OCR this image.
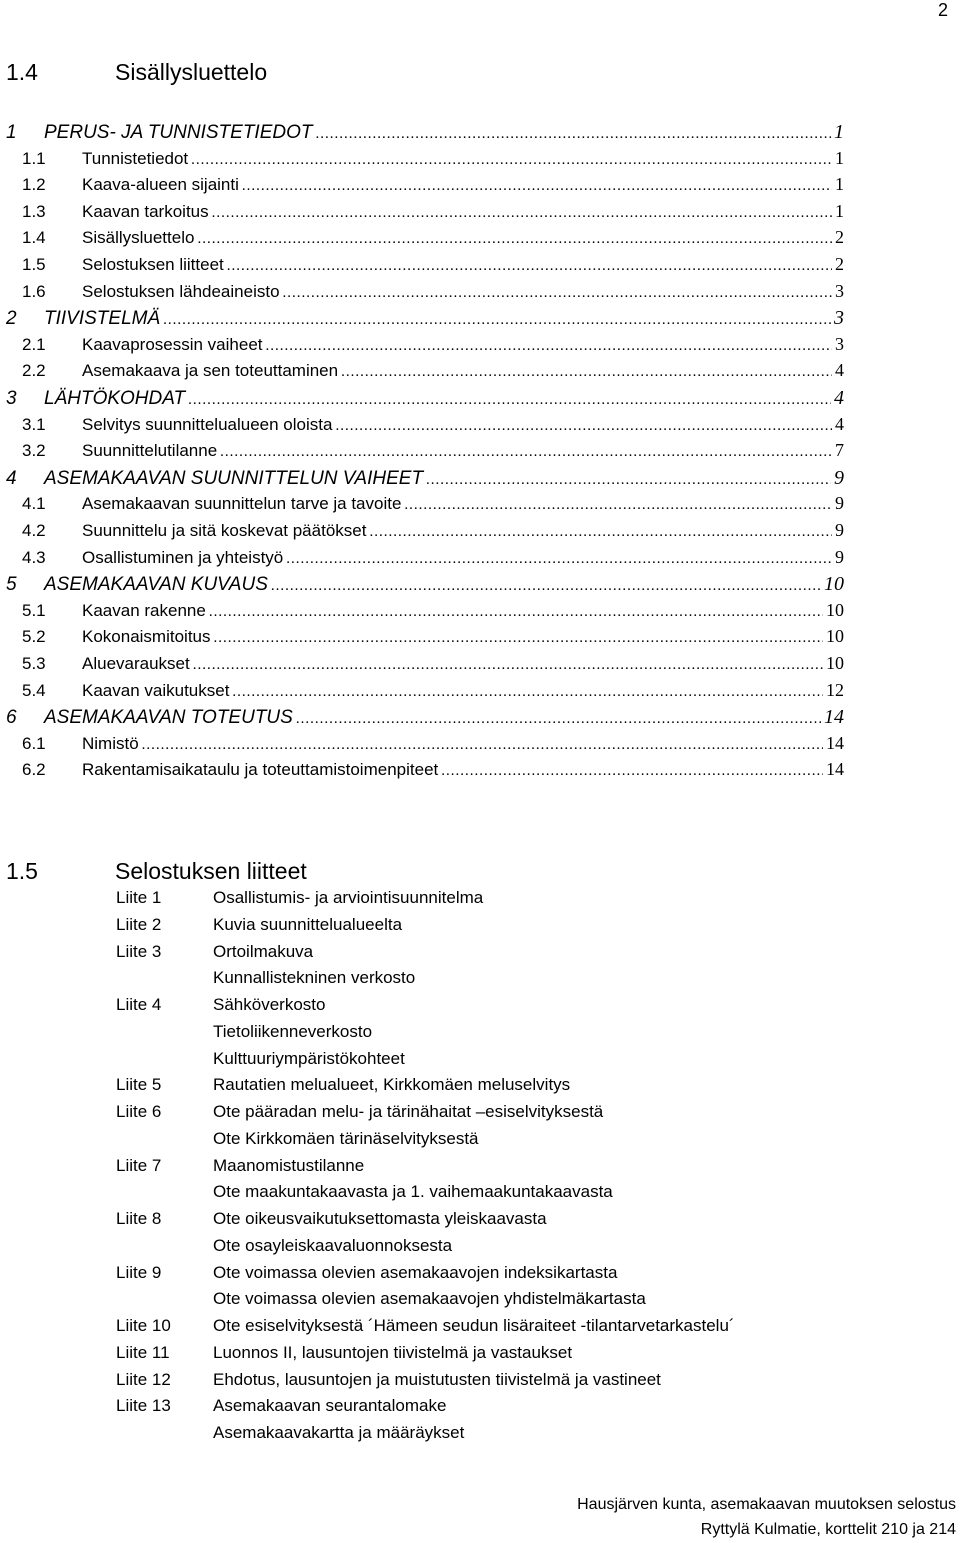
2
1.4	Sisällysluettelo
1	PERUS- JA TUNNISTETIEDOT .....	1
1.1	Tunnistetiedot .....	1
1.2	Kaava-alueen sijainti .....	1
1.3	Kaavan tarkoitus .....	1
1.4	Sisällysluettelo .....	2
1.5	Selostuksen liitteet .....	2
1.6	Selostuksen lähdeaineisto .....	3
2	TIIVISTELMÄ .....	3
2.1	Kaavaprosessin vaiheet .....	3
2.2	Asemakaava ja sen toteuttaminen .....	4
3	LÄHTÖKOHDAT .....	4
3.1	Selvitys suunnittelualueen oloista .....	4
3.2	Suunnittelutilanne .....	7
4	ASEMAKAAVAN SUUNNITTELUN VAIHEET .....	9
4.1	Asemakaavan suunnittelun tarve ja tavoite .....	9
4.2	Suunnittelu ja sitä koskevat päätökset .....	9
4.3	Osallistuminen ja yhteistyö .....	9
5	ASEMAKAAVAN KUVAUS .....	10
5.1	Kaavan rakenne .....	10
5.2	Kokonaismitoitus .....	10
5.3	Aluevaraukset .....	10
5.4	Kaavan vaikutukset .....	12
6	ASEMAKAAVAN TOTEUTUS .....	14
6.1	Nimistö .....	14
6.2	Rakentamisaikataulu ja toteuttamistoimenpiteet .....	14
1.5	Selostuksen liitteet
Liite 1	Osallistumis- ja arviointisuunnitelma
Liite 2	Kuvia suunnittelualueelta
Liite 3	Ortoilmakuva
Kunnallistekninen verkosto
Liite 4	Sähköverkosto
Tietoliikenneverkosto
Kulttuuriympäristökohteet
Liite 5	Rautatien melualueet, Kirkkomäen meluselvitys
Liite 6	Ote pääradan melu- ja tärinähaitat –esiselvityksestä
Ote Kirkkomäen tärinäselvityksestä
Liite 7	Maanomistustilanne
Ote maakuntakaavasta ja 1. vaihemaakuntakaavasta
Liite 8	Ote oikeusvaikutuksettomasta yleiskaavasta
Ote osayleiskaavaluonnoksesta
Liite 9	Ote voimassa olevien asemakaavojen indeksikartasta
Ote voimassa olevien asemakaavojen yhdistelmäkartasta
Liite 10	Ote esiselvityksestä ´Hämeen seudun lisäraiteet -tilantarvetarkastelu´
Liite 11	Luonnos II, lausuntojen tiivistelmä ja vastaukset
Liite 12	Ehdotus, lausuntojen ja muistutusten tiivistelmä ja vastineet
Liite 13	Asemakaavan seurantalomake
Asemakaavakartta ja määräykset
Hausjärven kunta, asemakaavan muutoksen selostus
Ryttylä Kulmatie, korttelit 210 ja 214
